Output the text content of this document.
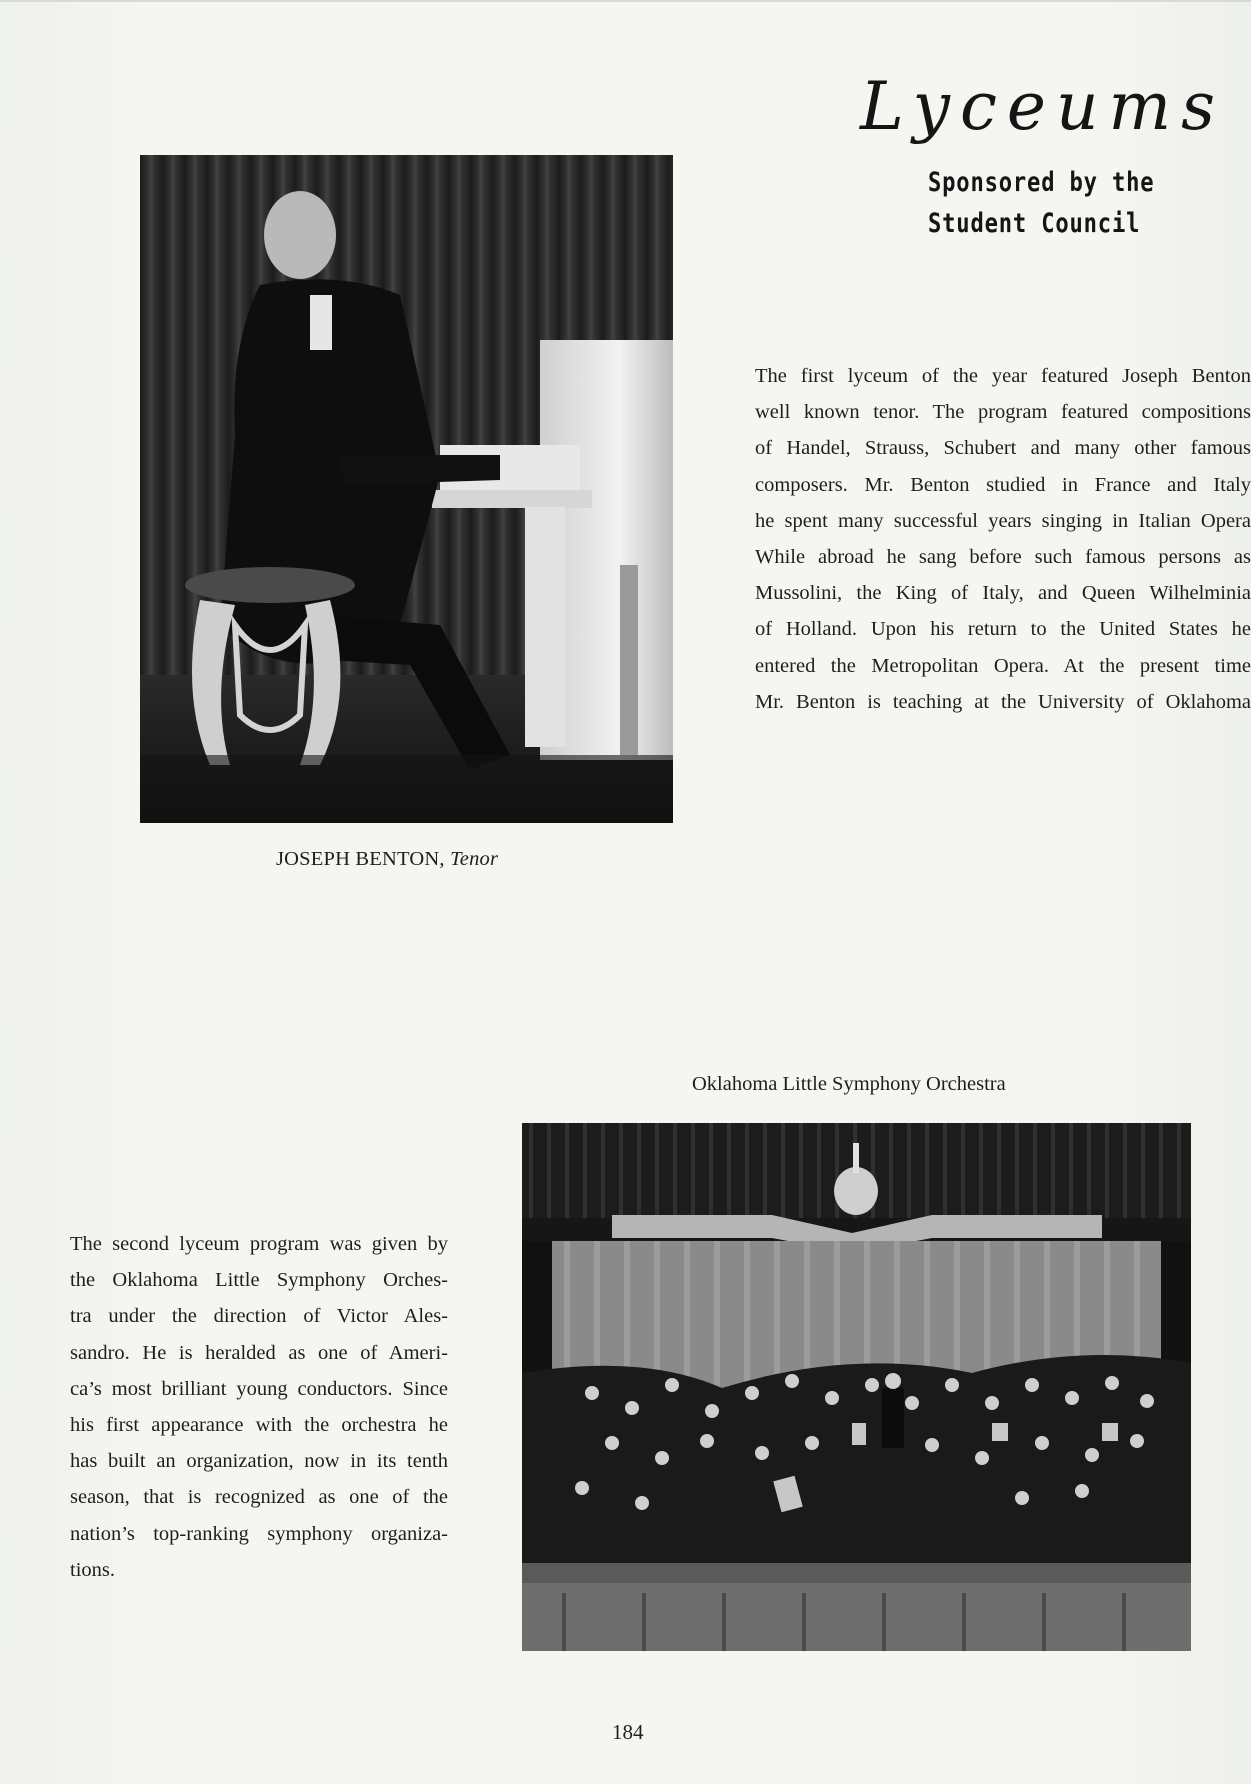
Lyceums
Sponsored by the
Student Council
JOSEPH BENTON, Tenor
The first lyceum of the year featured Joseph Benton
well known tenor. The program featured compositions
of Handel, Strauss, Schubert and many other famous
composers. Mr. Benton studied in France and Italy
he spent many successful years singing in Italian Opera
While abroad he sang before such famous persons as
Mussolini, the King of Italy, and Queen Wilhelminia
of Holland. Upon his return to the United States he
entered the Metropolitan Opera. At the present time
Mr. Benton is teaching at the University of Oklahoma
Oklahoma Little Symphony Orchestra
The second lyceum program was given by
the Oklahoma Little Symphony Orches-
tra under the direction of Victor Ales-
sandro. He is heralded as one of Ameri-
ca’s most brilliant young conductors. Since
his first appearance with the orchestra he
has built an organization, now in its tenth
season, that is recognized as one of the
nation’s top-ranking symphony organiza-
tions.
184
